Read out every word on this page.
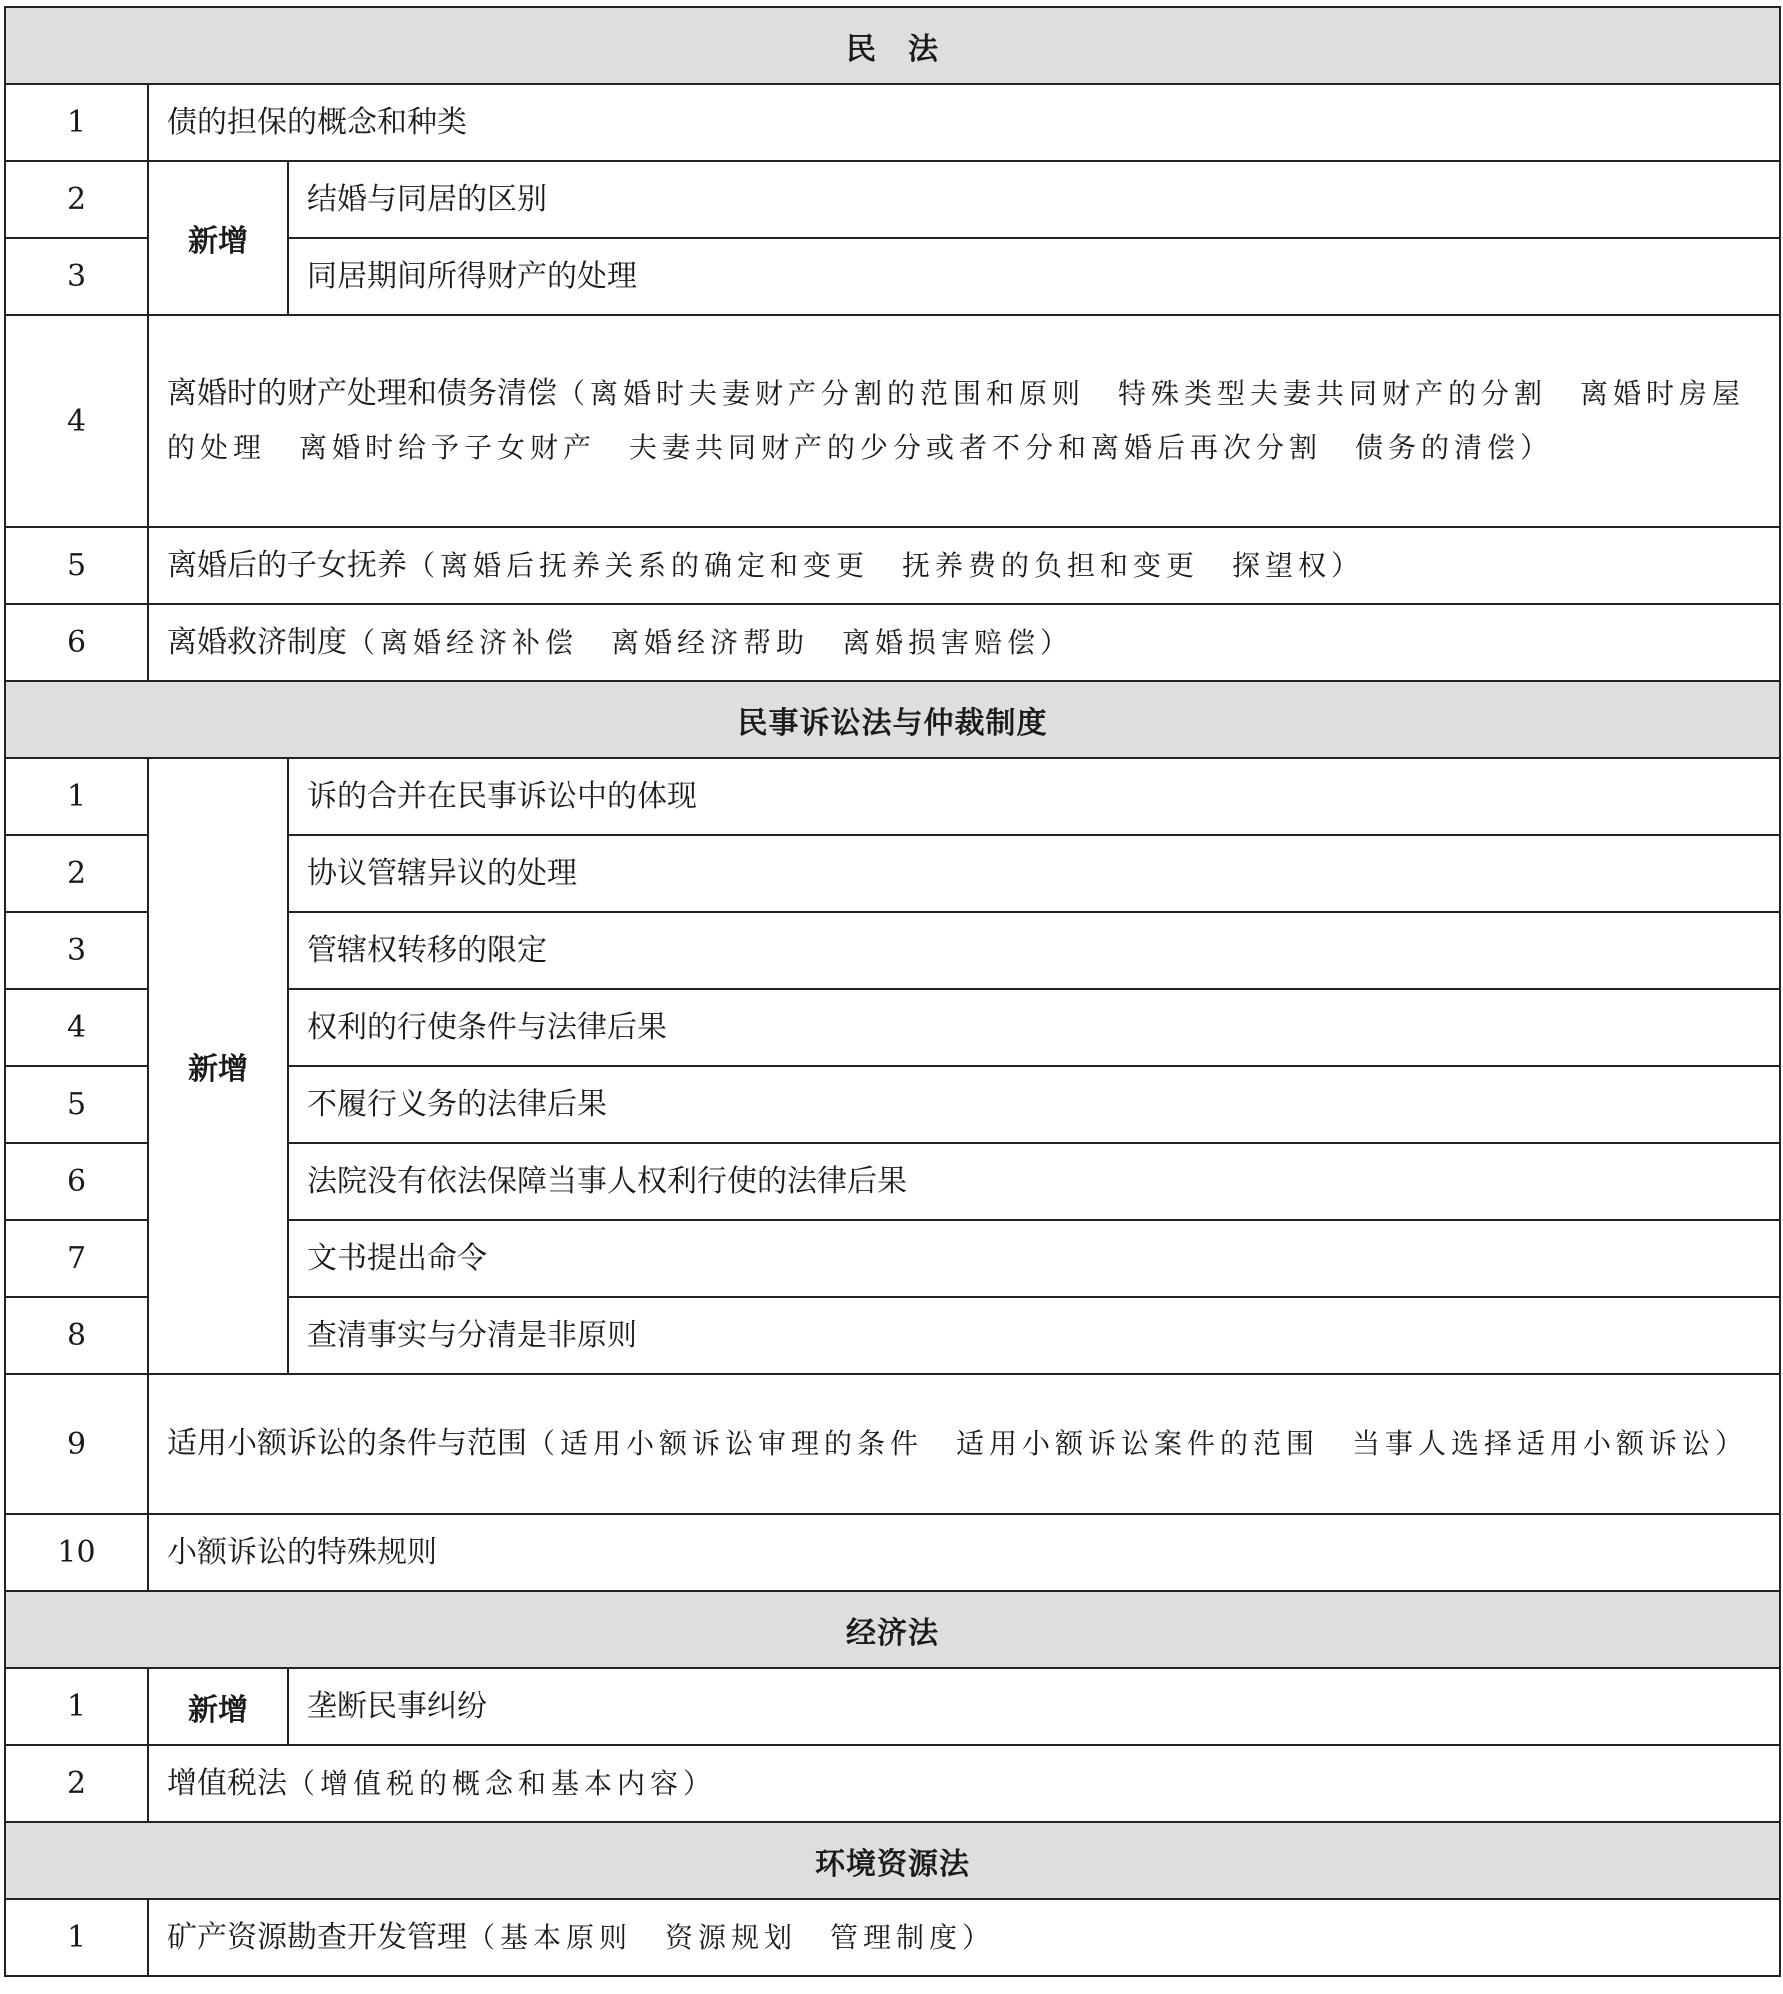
民　法		
1	债的担保的概念和种类	
2	新增	结婚与同居的区别
3		同居期间所得财产的处理
4	离婚时的财产处理和债务清偿（离婚时夫妻财产分割的范围和原则　特殊类型夫妻共同财产的分割　离婚时房屋的处理　离婚时给予子女财产　夫妻共同财产的少分或者不分和离婚后再次分割　债务的清偿）	
5	离婚后的子女抚养（离婚后抚养关系的确定和变更　抚养费的负担和变更　探望权）	
6	离婚救济制度（离婚经济补偿　离婚经济帮助　离婚损害赔偿）	
民事诉讼法与仲裁制度		
1	新增	诉的合并在民事诉讼中的体现
2		协议管辖异议的处理
3		管辖权转移的限定
4		权利的行使条件与法律后果
5		不履行义务的法律后果
6		法院没有依法保障当事人权利行使的法律后果
7		文书提出命令
8		查清事实与分清是非原则
9	适用小额诉讼的条件与范围（适用小额诉讼审理的条件　适用小额诉讼案件的范围　当事人选择适用小额诉讼）	
10	小额诉讼的特殊规则	
经济法		
1	新增	垄断民事纠纷
2	增值税法（增值税的概念和基本内容）	
环境资源法		
1	矿产资源勘查开发管理（基本原则　资源规划　管理制度）	
